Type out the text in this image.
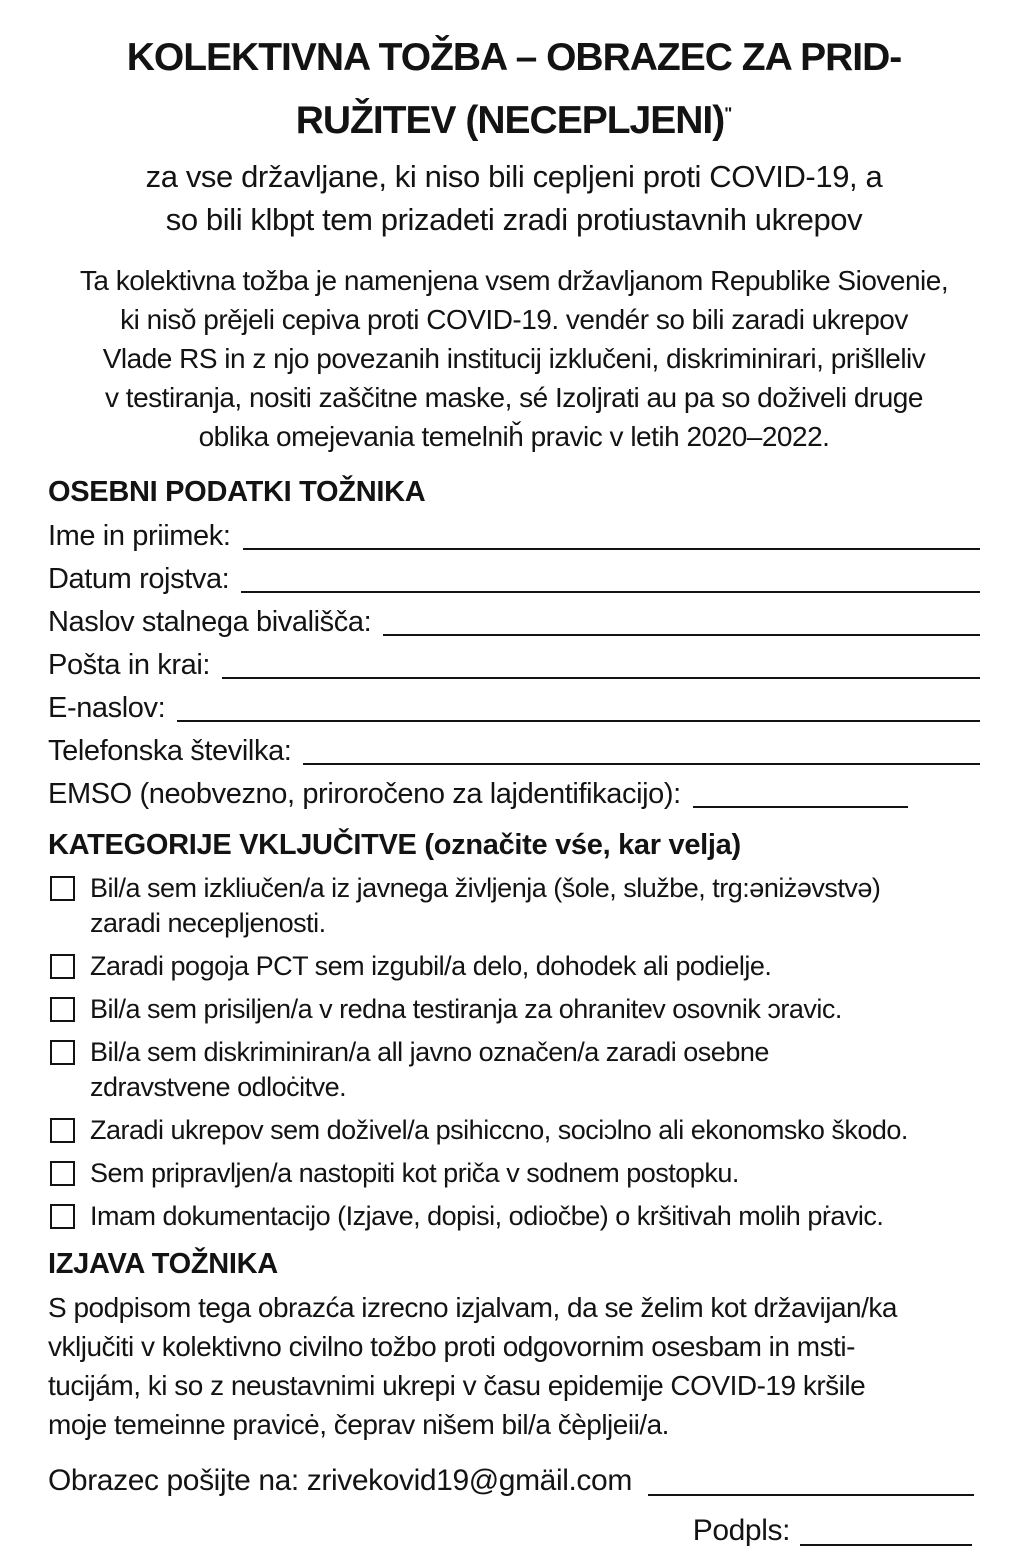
KOLEKTIVNA TOŽBA – OBRAZEC ZA PRID-
RUŽITEV (NECEPLJENI)$^ʺ$
za vse državljane, ki niso bili cepljeni proti COVID-19, a
so bili klbpt tem prizadeti zradi protiustavnih ukrepov
Ta kolektivna tožba je namenjena vsem državljanom Republike Siovenie,
ki nisŏ prějeli cepiva proti COVID-19. vendér so bili zaradi ukrepov
Vlade RS in z njo povezanih institucij izklučeni, diskriminirari, prišlleliv
v testiranja, nositi zaščitne maske, sé Izoljrati au pa so doživeli druge
oblika omejevania temelniȟ pravic v letih 2020–2022.
OSEBNI PODATKI TOŽNIKA
Ime in priimek:
Datum rojstva:
Naslov stalnega bivališča:
Pošta in krai:
E-naslov:
Telefonska številka:
EMSO (neobvezno, priroročeno za lajdentifikacijo):
KATEGORIJE VKLJUČITVE (označite vśe, kar velja)
Bil/a sem izkliučen/a iz javnega življenja (šole, službe, trg:əniżəvstvə)
zaradi necepljenosti.
Zaradi pogoja PCT sem izgubil/a delo, dohodek ali podielje.
Bil/a sem prisiljen/a v redna testiranja za ohranitev osovnik ɔravic.
Bil/a sem diskriminiran/a all javno označen/a zaradi osebne
zdravstvene odloċitve.
Zaradi ukrepov sem doživel/a psihiccno, sociɔlno ali ekonomsko škodo.
Sem pripravljen/a nastopiti kot priča v sodnem postopku.
Imam dokumentacijo (Izjave, dopisi, odiočbe) o kršitivah molih pṙavic.
IZJAVA TOŽNIKA
S podpisom tega obrazća izrecno izjalvam, da se želim kot državijan/ka
vključiti v kolektivno civilno tožbo proti odgovornim osesbam in msti-
tucijám, ki so z neustavnimi ukrepi v času epidemije COVID-19 kršile
moje temeinne pravicė, čeprav nišem bil/a čèpljeii/a.
Obrazec pošijte na: zrivekovid19@gmäil.com
Podpls:
